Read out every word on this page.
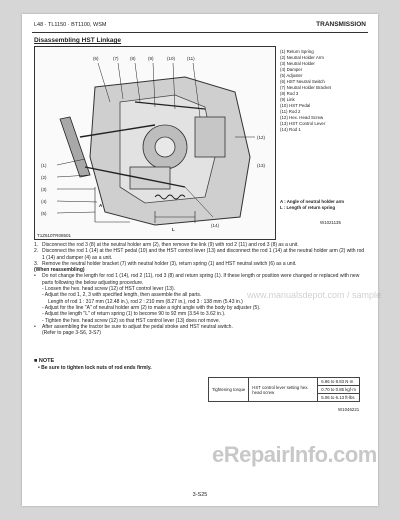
L48 · TL1150 · BT1100, WSM	TRANSMISSION
Disassembling HST Linkage
(6)	(7)	(8)	(9)	(10)	(11)
(12)
(13)
(14)
(1)
(2)
(3)
(4)
(5)
A
L
T1Z610TR08501
(1) Return Spring
(2) Neutral Holder Arm
(3) Neutral Holder
(4) Damper
(5) Adjuster
(6) HST Neutral Switch
(7) Neutral Holder Bracket
(8) Rod 3
(9) Link
(10) HST Pedal
(11) Rod 2
(12) Hex. Head Screw
(13) HST Control Lever
(14) Rod 1
A : Angle of neutral holder arm
L : Length of return spring
W1021135
1. Disconnect the rod 3 (8) at the neutral holder arm (2), then remove the link (9) with rod 2 (11) and rod 3 (8) as a unit.
2. Disconnect the rod 1 (14) at the HST pedal (10) and the HST control lever (13) and disconnect the rod 1 (14) at the neutral holder arm (2) with rod 1 (14) and damper (4) as a unit.
3. Remove the neutral holder bracket (7) with neutral holder (3), return spring (1) and HST neutral switch (6) as a unit.
(When reassembling)
•	Do not change the length for rod 1 (14), rod 2 (11), rod 3 (8) and return spring (1). If these length or position were changed or replaced with new parts following the below adjusting procedure.
- Loosen the hex. head screw (12) of HST control lever (13).
- Adjust the rod 1, 2, 3 with specified length, then assemble the all parts.
Length of rod 1 : 317 mm (12.48 in.), rod 2 : 210 mm (8.27 in.), rod 3 : 138 mm (5.43 in.)
- Adjust for the line "A" of neutral holder arm (2) to make a right angle with the body by adjuster (5).
- Adjust the length "L" of return spring (1) to become 90 to 92 mm (3.54 to 3.62 in.).
- Tighten the hex. head screw (12) so that HST control lever (13) does not move.
•	After assembling the tractor be sure to adjust the pedal stroke and HST neutral switch.
(Refer to page 3-S6, 3-S7)
■ NOTE
• Be sure to tighten lock nuts of rod ends firmly.
Tightening torque	HST control lever setting hex. head screw	6.86 to 8.83 N·m
0.70 to 0.85 kgf·m
5.06 to 6.13 ft-lbs
W1046221
www.manualsdepot.com / sample
eRepairInfo.com
3-S25
